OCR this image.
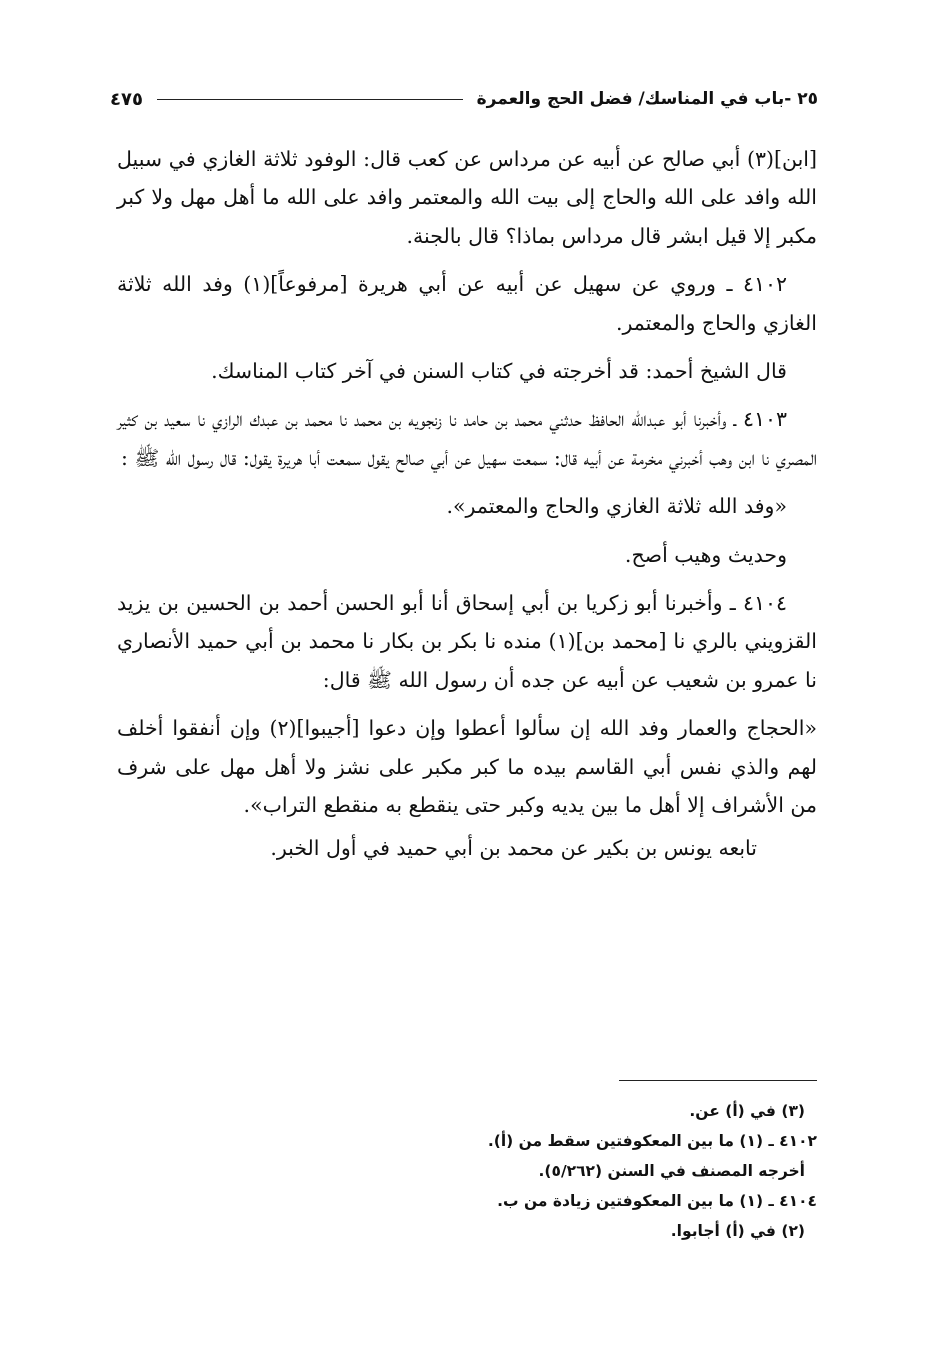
٢٥ -باب في المناسك/ فضل الحج والعمرة
٤٧٥

[ابن](٣) أبي صالح عن أبيه عن مرداس عن كعب قال: الوفود ثلاثة الغازي في سبيل الله وافد على الله والحاج إلى بيت الله والمعتمر وافد على الله ما أهل مهل ولا كبر مكبر إلا قيل ابشر قال مرداس بماذا؟ قال بالجنة.

٤١٠٢ ـ وروي عن سهيل عن أبيه عن أبي هريرة [مرفوعاً](١) وفد الله ثلاثة الغازي والحاج والمعتمر.

قال الشيخ أحمد: قد أخرجته في كتاب السنن في آخر كتاب المناسك.

٤١٠٣ ـ وأخبرنا أبو عبدالله الحافظ حدثني محمد بن حامد نا زنجويه بن محمد نا محمد بن عبدك الرازي نا سعيد بن كثير المصري نا ابن وهب أخبرني مخرمة عن أبيه قال: سمعت سهيل عن أبي صالح يقول سمعت أبا هريرة يقول: قال رسول الله ﷺ :

«وفد الله ثلاثة الغازي والحاج والمعتمر».

وحديث وهيب أصح.

٤١٠٤ ـ وأخبرنا أبو زكريا بن أبي إسحاق أنا أبو الحسن أحمد بن الحسين بن يزيد القزويني بالري نا [محمد بن](١) منده نا بكر بن بكار نا محمد بن أبي حميد الأنصاري نا عمرو بن شعيب عن أبيه عن جده أن رسول الله ﷺ قال:

«الحجاج والعمار وفد الله إن سألوا أعطوا وإن دعوا [أجيبوا](٢) وإن أنفقوا أخلف لهم والذي نفس أبي القاسم بيده ما كبر مكبر على نشز ولا أهل مهل على شرف من الأشراف إلا أهل ما بين يديه وكبر حتى ينقطع به منقطع التراب».

تابعه يونس بن بكير عن محمد بن أبي حميد في أول الخبر.

(٣) في (أ) عن.

٤١٠٢ ـ (١) ما بين المعكوفتين سقط من (أ).

أخرجه المصنف في السنن (٥/٢٦٢).

٤١٠٤ ـ (١) ما بين المعكوفتين زيادة من ب.

(٢) في (أ) أجابوا.
